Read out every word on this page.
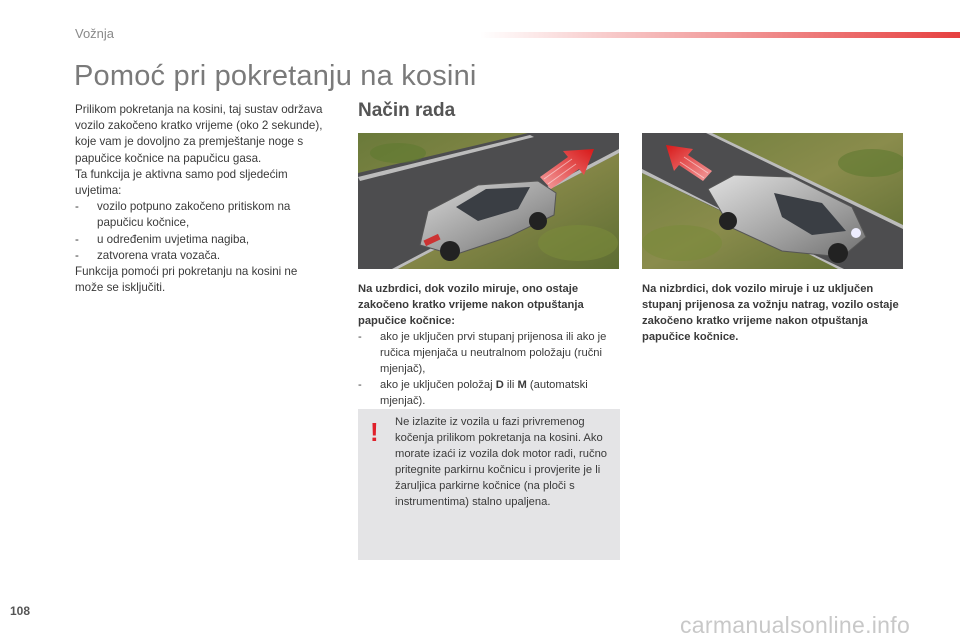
Vožnja
Pomoć pri pokretanju na kosini

Prilikom pokretanja na kosini, taj sustav održava vozilo zakočeno kratko vrijeme (oko 2 sekunde), koje vam je dovoljno za premještanje noge s papučice kočnice na papučicu gasa.

Ta funkcija je aktivna samo pod sljedećim uvjetima:

- vozilo potpuno zakočeno pritiskom na papučicu kočnice,
- u određenim uvjetima nagiba,
- zatvorena vrata vozača.

Funkcija pomoći pri pokretanju na kosini ne može se isključiti.

Način rada

Na uzbrdici, dok vozilo miruje, ono ostaje zakočeno kratko vrijeme nakon otpuštanja papučice kočnice:

- ako je uključen prvi stupanj prijenosa ili ako je ručica mjenjača u neutralnom položaju (ručni mjenjač),
- ako je uključen položaj D ili M (automatski mjenjač).

Na nizbrdici, dok vozilo miruje i uz uključen stupanj prijenosa za vožnju natrag, vozilo ostaje zakočeno kratko vrijeme nakon otpuštanja papučice kočnice.

! Ne izlazite iz vozila u fazi privremenog kočenja prilikom pokretanja na kosini. Ako morate izaći iz vozila dok motor radi, ručno pritegnite parkirnu kočnicu i provjerite je li žaruljica parkirne kočnice (na ploči s instrumentima) stalno upaljena.

108
carmanualsonline.info
